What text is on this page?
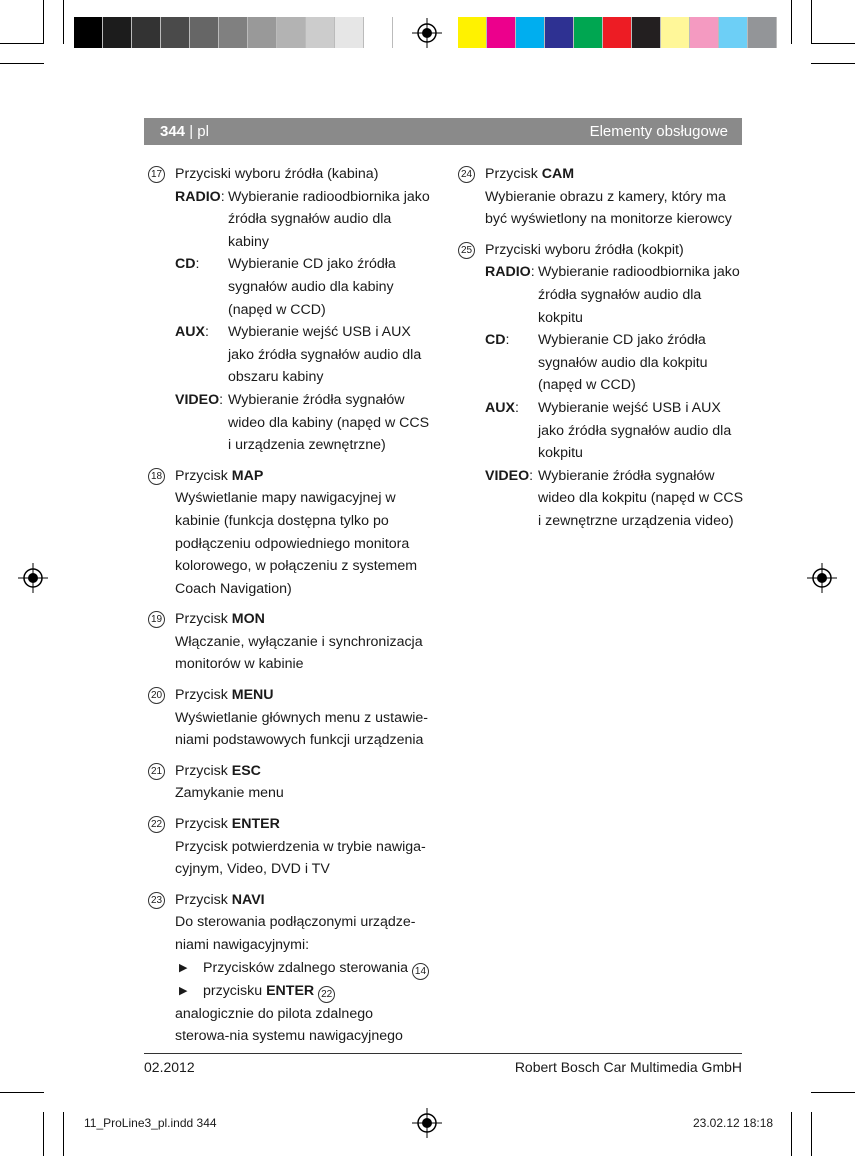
344 | pl	Elementy obsługowe
17 Przyciski wyboru źródła (kabina)
RADIO : Wybieranie radioodbiornika jako źródła sygnałów audio dla kabiny
CD : Wybieranie CD jako źródła sygnałów audio dla kabiny (napęd w CCD)
AUX : Wybieranie wejść USB i AUX jako źródła sygnałów audio dla obszaru kabiny
VIDEO : Wybieranie źródła sygnałów wideo dla kabiny (napęd w CCS i urządzenia zewnętrzne)
18 Przycisk MAP
Wyświetlanie mapy nawigacyjnej w kabinie (funkcja dostępna tylko po podłączeniu odpowiedniego monitora kolorowego, w połączeniu z systemem Coach Navigation)
19 Przycisk MON
Włączanie, wyłączanie i synchronizacja monitorów w kabinie
20 Przycisk MENU
Wyświetlanie głównych menu z ustawie-niami podstawowych funkcji urządzenia
21 Przycisk ESC
Zamykanie menu
22 Przycisk ENTER
Przycisk potwierdzenia w trybie nawiga-cyjnym, Video, DVD i TV
23 Przycisk NAVI
Do sterowania podłączonymi urządze-niami nawigacyjnymi:
▶	Przycisków zdalnego sterowania 14
▶	przycisku ENTER 22
analogicznie do pilota zdalnego sterowa-nia systemu nawigacyjnego
24 Przycisk CAM
Wybieranie obrazu z kamery, który ma być wyświetlony na monitorze kierowcy
25 Przyciski wyboru źródła (kokpit)
RADIO : Wybieranie radioodbiornika jako źródła sygnałów audio dla kokpitu
CD : Wybieranie CD jako źródła sygnałów audio dla kokpitu (napęd w CCD)
AUX : Wybieranie wejść USB i AUX jako źródła sygnałów audio dla kokpitu
VIDEO : Wybieranie źródła sygnałów wideo dla kokpitu (napęd w CCS i zewnętrzne urządzenia video)
02.2012	Robert Bosch Car Multimedia GmbH
11_ProLine3_pl.indd 344	23.02.12 18:18
